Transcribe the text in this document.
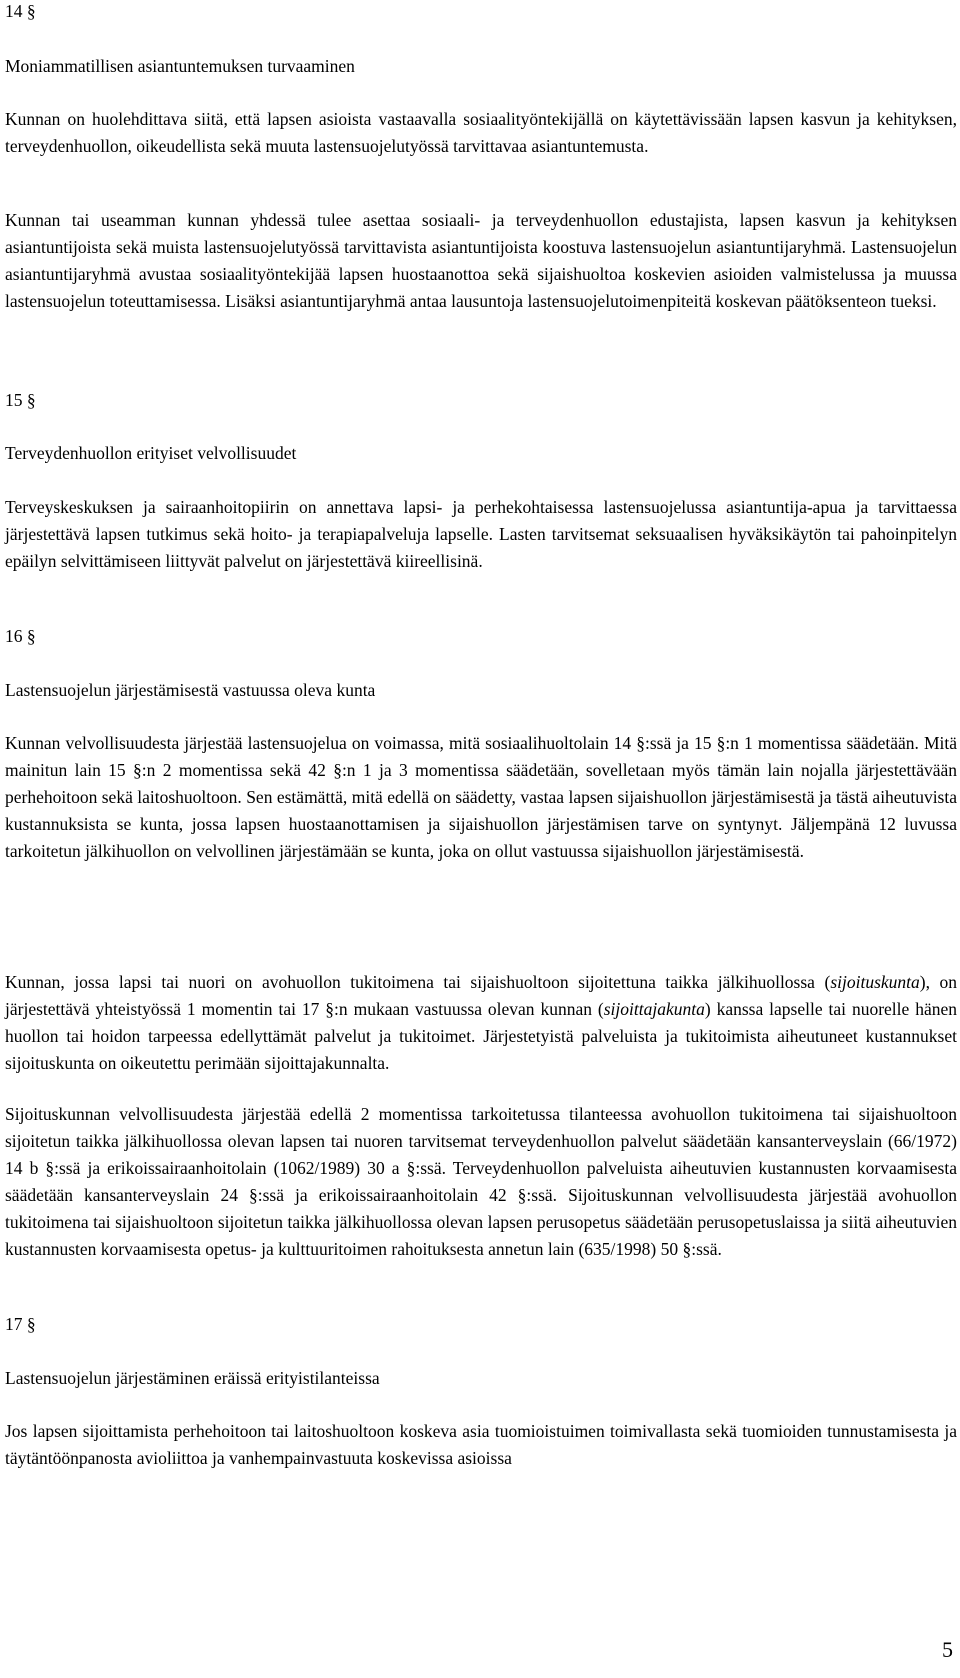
14 §

Moniammatillisen asiantuntemuksen turvaaminen

Kunnan on huolehdittava siitä, että lapsen asioista vastaavalla sosiaalityöntekijällä on käytettävissään lapsen kasvun ja kehityksen, terveydenhuollon, oikeudellista sekä muuta lastensuojelutyössä tarvittavaa asiantuntemusta.

Kunnan tai useamman kunnan yhdessä tulee asettaa sosiaali- ja terveydenhuollon edustajista, lapsen kasvun ja kehityksen asiantuntijoista sekä muista lastensuojelutyössä tarvittavista asiantuntijoista koostuva lastensuojelun asiantuntijaryhmä. Lastensuojelun asiantuntijaryhmä avustaa sosiaalityöntekijää lapsen huostaanottoa sekä sijaishuoltoa koskevien asioiden valmistelussa ja muussa lastensuojelun toteuttamisessa. Lisäksi asiantuntijaryhmä antaa lausuntoja lastensuojelutoimenpiteitä koskevan päätöksenteon tueksi.

15 §

Terveydenhuollon erityiset velvollisuudet

Terveyskeskuksen ja sairaanhoitopiirin on annettava lapsi- ja perhekohtaisessa lastensuojelussa asiantuntija-apua ja tarvittaessa järjestettävä lapsen tutkimus sekä hoito- ja terapiapalveluja lapselle. Lasten tarvitsemat seksuaalisen hyväksikäytön tai pahoinpitelyn epäilyn selvittämiseen liittyvät palvelut on järjestettävä kiireellisinä.

16 §

Lastensuojelun järjestämisestä vastuussa oleva kunta

Kunnan velvollisuudesta järjestää lastensuojelua on voimassa, mitä sosiaalihuoltolain 14 §:ssä ja 15 §:n 1 momentissa säädetään. Mitä mainitun lain 15 §:n 2 momentissa sekä 42 §:n 1 ja 3 momentissa säädetään, sovelletaan myös tämän lain nojalla järjestettävään perhehoitoon sekä laitoshuoltoon. Sen estämättä, mitä edellä on säädetty, vastaa lapsen sijaishuollon järjestämisestä ja tästä aiheutuvista kustannuksista se kunta, jossa lapsen huostaanottamisen ja sijaishuollon järjestämisen tarve on syntynyt. Jäljempänä 12 luvussa tarkoitetun jälkihuollon on velvollinen järjestämään se kunta, joka on ollut vastuussa sijaishuollon järjestämisestä.

Kunnan, jossa lapsi tai nuori on avohuollon tukitoimena tai sijaishuoltoon sijoitettuna taikka jälkihuollossa (sijoituskunta), on järjestettävä yhteistyössä 1 momentin tai 17 §:n mukaan vastuussa olevan kunnan (sijoittajakunta) kanssa lapselle tai nuorelle hänen huollon tai hoidon tarpeessa edellyttämät palvelut ja tukitoimet. Järjestetyistä palveluista ja tukitoimista aiheutuneet kustannukset sijoituskunta on oikeutettu perimään sijoittajakunnalta.

Sijoituskunnan velvollisuudesta järjestää edellä 2 momentissa tarkoitetussa tilanteessa avohuollon tukitoimena tai sijaishuoltoon sijoitetun taikka jälkihuollossa olevan lapsen tai nuoren tarvitsemat terveydenhuollon palvelut säädetään kansanterveyslain (66/1972) 14 b §:ssä ja erikoissairaanhoitolain (1062/1989) 30 a §:ssä. Terveydenhuollon palveluista aiheutuvien kustannusten korvaamisesta säädetään kansanterveyslain 24 §:ssä ja erikoissairaanhoitolain 42 §:ssä. Sijoituskunnan velvollisuudesta järjestää avohuollon tukitoimena tai sijaishuoltoon sijoitetun taikka jälkihuollossa olevan lapsen perusopetus säädetään perusopetuslaissa ja siitä aiheutuvien kustannusten korvaamisesta opetus- ja kulttuuritoimen rahoituksesta annetun lain (635/1998) 50 §:ssä.

17 §

Lastensuojelun järjestäminen eräissä erityistilanteissa

Jos lapsen sijoittamista perhehoitoon tai laitoshuoltoon koskeva asia tuomioistuimen toimivallasta sekä tuomioiden tunnustamisesta ja täytäntöönpanosta avioliittoa ja vanhempainvastuuta koskevissa asioissa

5
